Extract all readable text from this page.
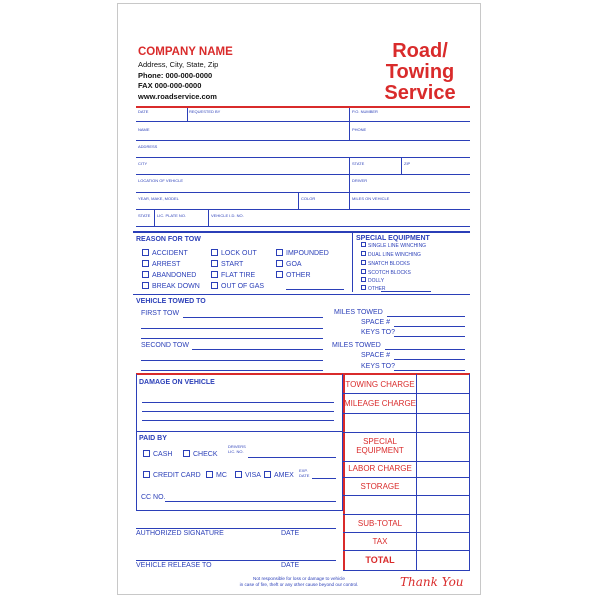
COMPANY NAME
Address, City, State, Zip
Phone: 000-000-0000
FAX 000-000-0000
www.roadservice.com
Road/
Towing
Service
DATE	REQUESTED BY	P.O. NUMBER
NAME	PHONE
ADDRESS
CITY	STATE	ZIP
LOCATION OF VEHICLE	DRIVER
YEAR, MAKE, MODEL	COLOR	MILES ON VEHICLE
STATE LIC. PLATE NO.	VEHICLE I.D. NO.
REASON FOR TOW	SPECIAL EQUIPMENT
ACCIDENT
ARREST
ABANDONED
BREAK DOWN
LOCK OUT
START
FLAT TIRE
OUT OF GAS
IMPOUNDED
GOA
OTHER
SINGLE LINE WINCHING
DUAL LINE WINCHING
SNATCH BLOCKS
SCOTCH BLOCKS
DOLLY
OTHER
VEHICLE TOWED TO
FIRST TOW	MILES TOWED
SPACE #
KEYS TO?
SECOND TOW	MILES TOWED
SPACE #
KEYS TO?
DAMAGE ON VEHICLE
PAID BY
CASH	CHECK
DRIVERS LIC. NO.
CREDIT CARD	MC	VISA	AMEX
EXP. DATE
CC NO.
TOWING CHARGE
MILEAGE CHARGE
SPECIAL
EQUIPMENT
LABOR CHARGE
STORAGE
SUB-TOTAL
TAX
TOTAL
AUTHORIZED SIGNATURE	DATE
VEHICLE RELEASE TO	DATE
Not responsible for loss or damage to vehicle
in case of fire, theft or any other cause beyond our control.	Thank You
